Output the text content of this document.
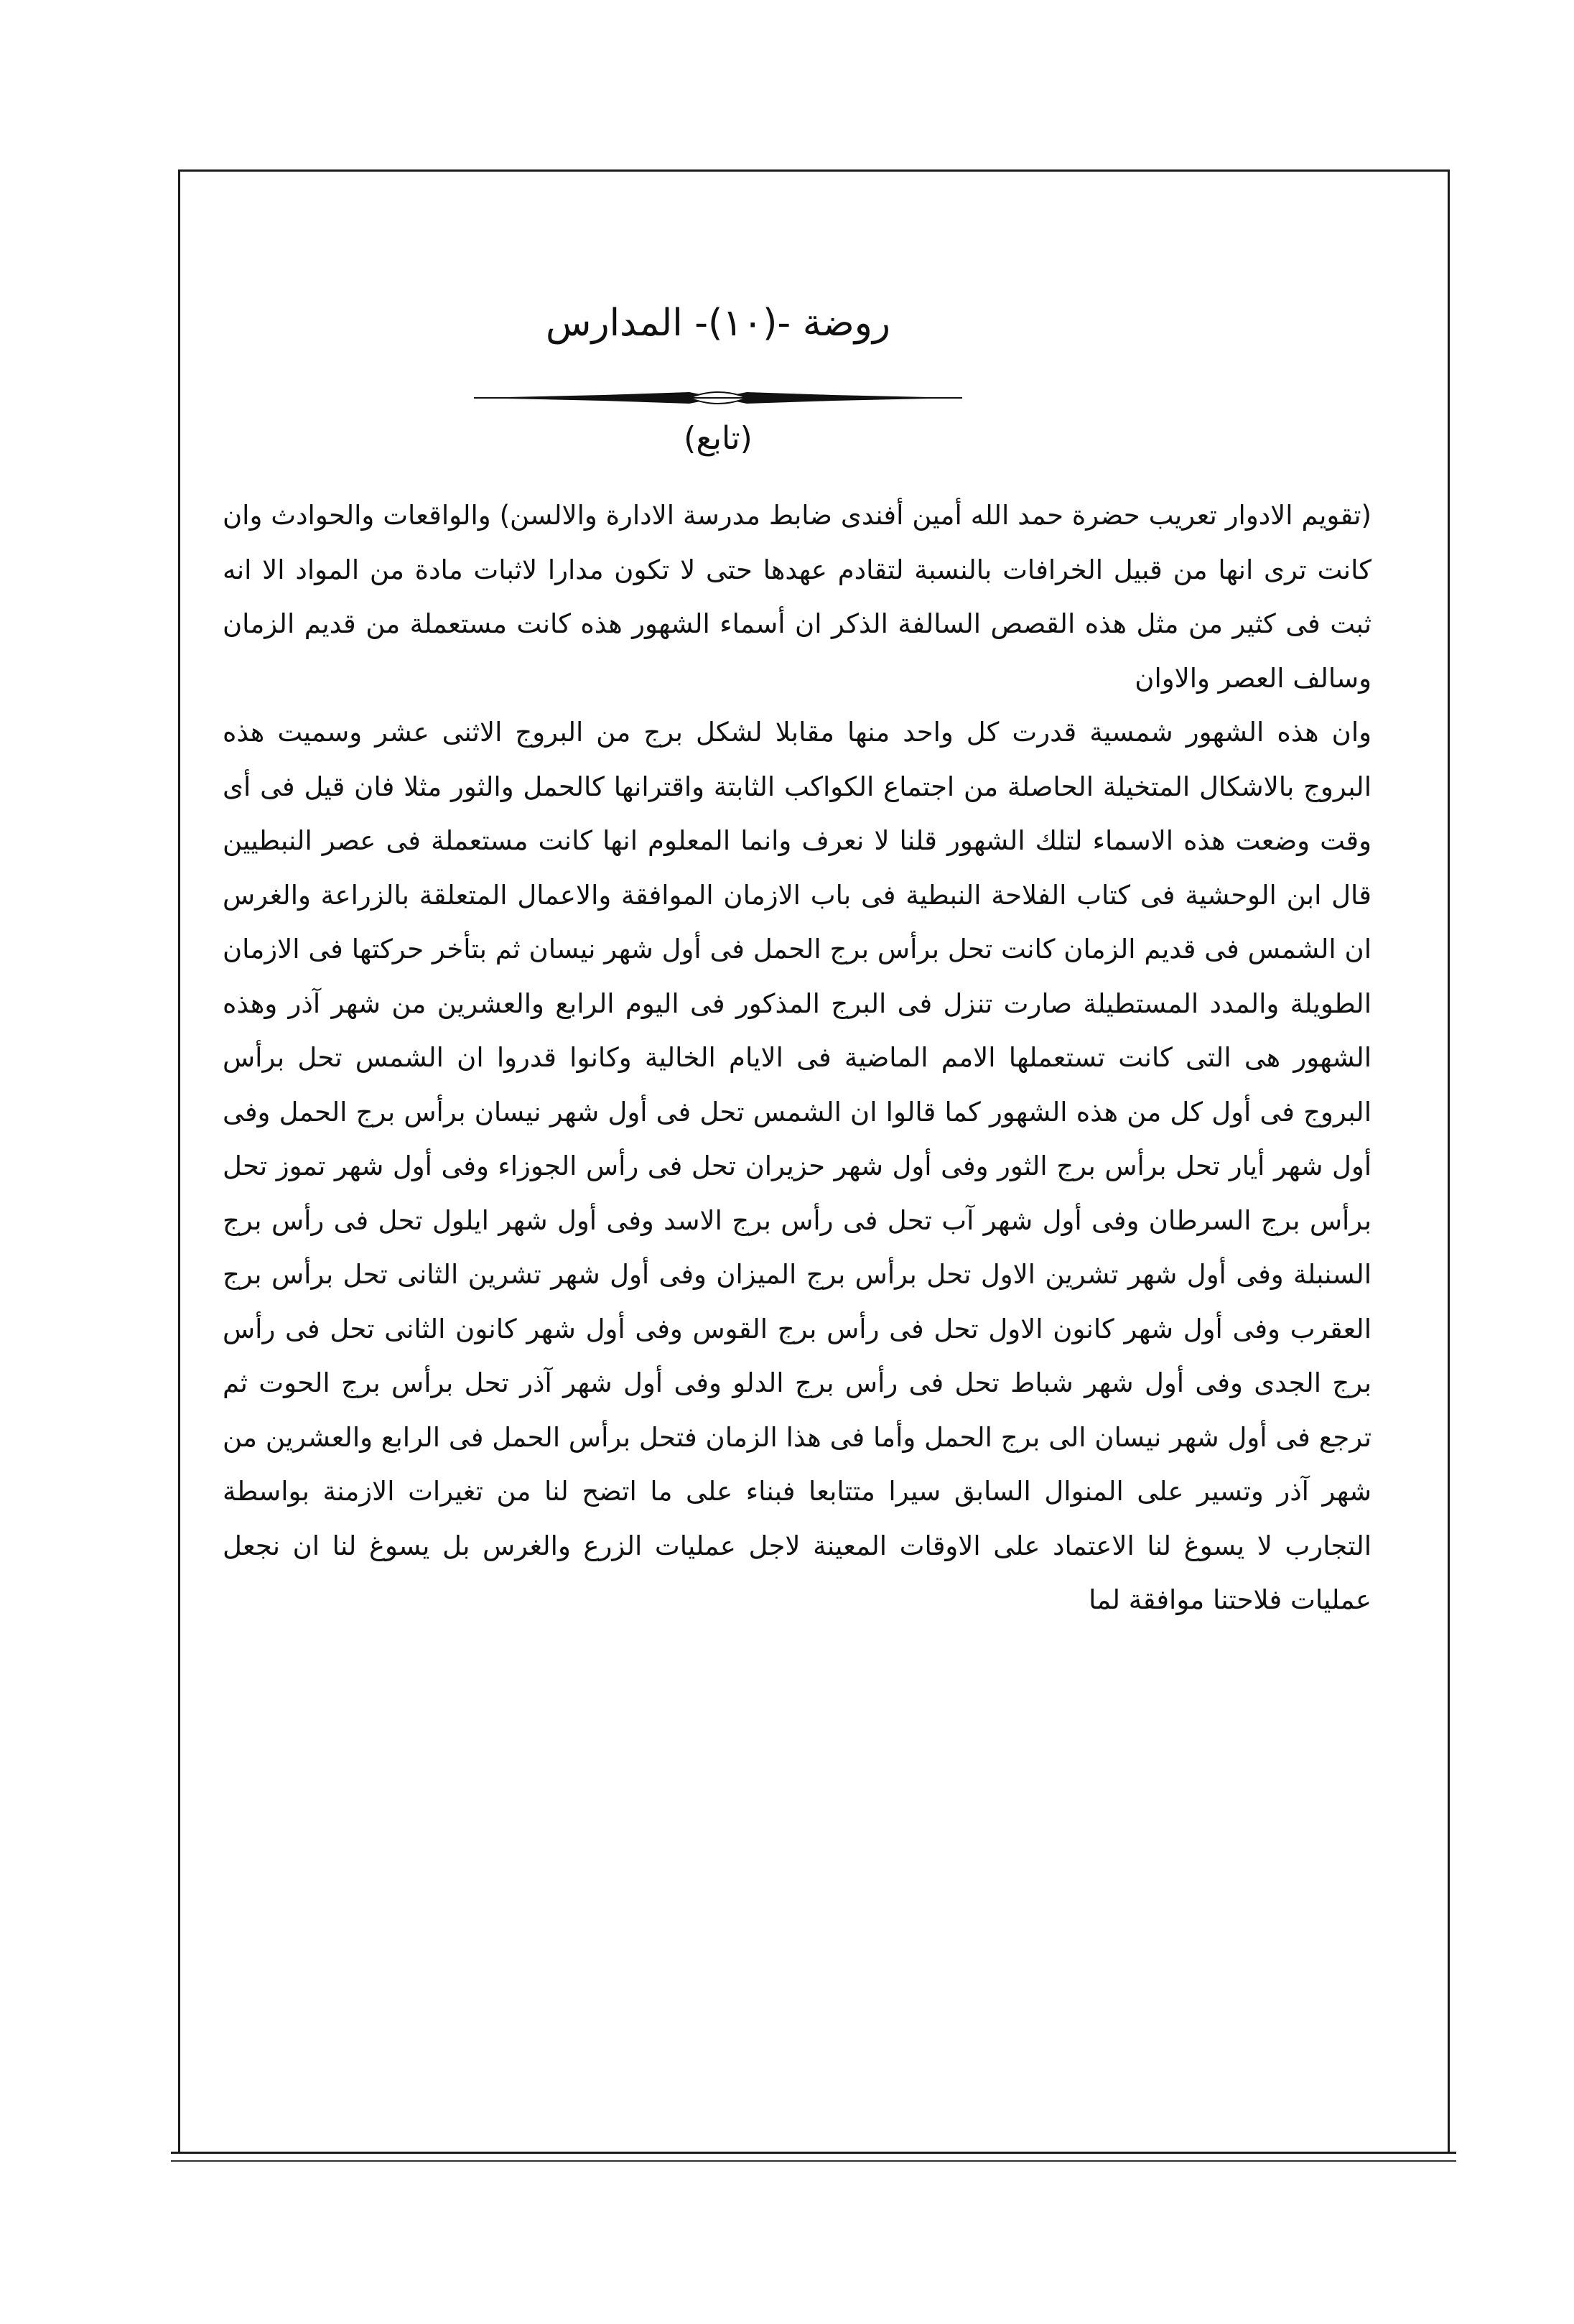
روضة -(١٠)- المدارس
(تابع)

(تقويم الادوار تعريب حضرة حمد الله أمين أفندى ضابط مدرسة الادارة والالسن) والواقعات والحوادث وان كانت ترى انها من قبيل الخرافات بالنسبة لتقادم عهدها حتى لا تكون مدارا لاثبات مادة من المواد الا انه ثبت فى كثير من مثل هذه القصص السالفة الذكر ان أسماء الشهور هذه كانت مستعملة من قديم الزمان وسالف العصر والاوان

وان هذه الشهور شمسية قدرت كل واحد منها مقابلا لشكل برج من البروج الاثنى عشر وسميت هذه البروج بالاشكال المتخيلة الحاصلة من اجتماع الكواكب الثابتة واقترانها كالحمل والثور مثلا فان قيل فى أى وقت وضعت هذه الاسماء لتلك الشهور قلنا لا نعرف وانما المعلوم انها كانت مستعملة فى عصر النبطيين قال ابن الوحشية فى كتاب الفلاحة النبطية فى باب الازمان الموافقة والاعمال المتعلقة بالزراعة والغرس ان الشمس فى قديم الزمان كانت تحل برأس برج الحمل فى أول شهر نيسان ثم بتأخر حركتها فى الازمان الطويلة والمدد المستطيلة صارت تنزل فى البرج المذكور فى اليوم الرابع والعشرين من شهر آذر وهذه الشهور هى التى كانت تستعملها الامم الماضية فى الايام الخالية وكانوا قدروا ان الشمس تحل برأس البروج فى أول كل من هذه الشهور كما قالوا ان الشمس تحل فى أول شهر نيسان برأس برج الحمل وفى أول شهر أيار تحل برأس برج الثور وفى أول شهر حزيران تحل فى رأس الجوزاء وفى أول شهر تموز تحل برأس برج السرطان وفى أول شهر آب تحل فى رأس برج الاسد وفى أول شهر ايلول تحل فى رأس برج السنبلة وفى أول شهر تشرين الاول تحل برأس برج الميزان وفى أول شهر تشرين الثانى تحل برأس برج العقرب وفى أول شهر كانون الاول تحل فى رأس برج القوس وفى أول شهر كانون الثانى تحل فى رأس برج الجدى وفى أول شهر شباط تحل فى رأس برج الدلو وفى أول شهر آذر تحل برأس برج الحوت ثم ترجع فى أول شهر نيسان الى برج الحمل وأما فى هذا الزمان فتحل برأس الحمل فى الرابع والعشرين من شهر آذر وتسير على المنوال السابق سيرا متتابعا فبناء على ما اتضح لنا من تغيرات الازمنة بواسطة التجارب لا يسوغ لنا الاعتماد على الاوقات المعينة لاجل عمليات الزرع والغرس بل يسوغ لنا ان نجعل عمليات فلاحتنا موافقة لما
